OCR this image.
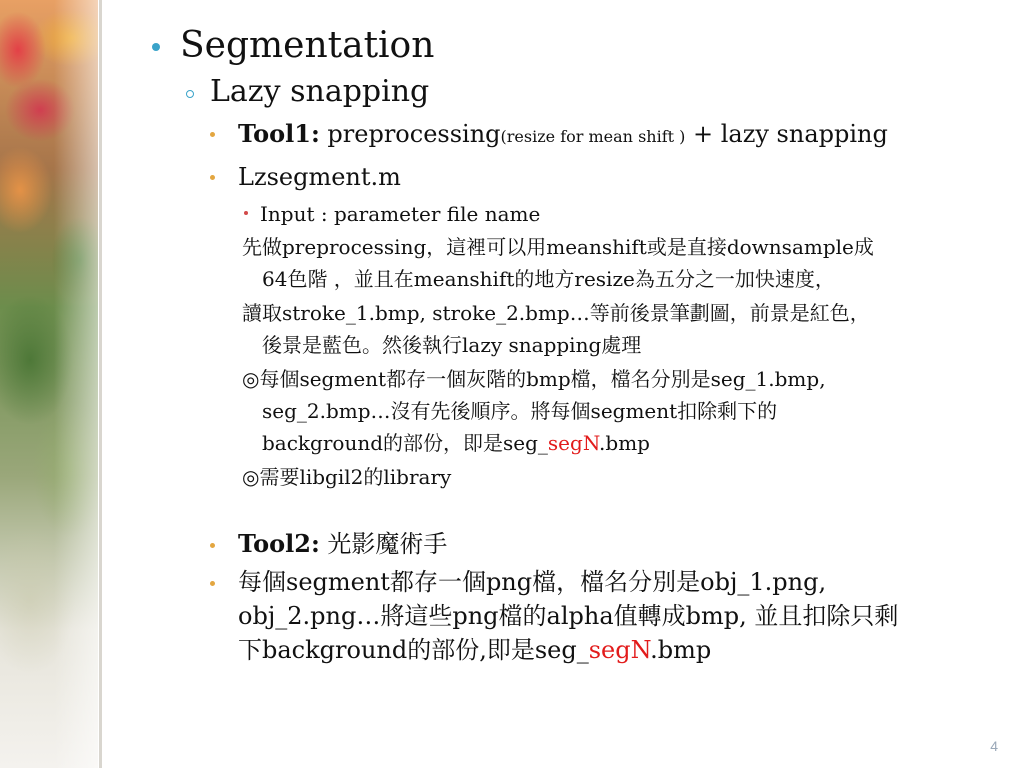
Segmentation
Lazy snapping
Tool1: preprocessing(resize for mean shift ) + lazy snapping
Lzsegment.m
Input : parameter file name
先做preprocessing，這裡可以用meanshift或是直接downsample成
64色階 ，並且在meanshift的地方resize為五分之一加快速度，
讀取stroke_1.bmp, stroke_2.bmp…等前後景筆劃圖，前景是紅色，
後景是藍色。然後執行lazy snapping處理
◎每個segment都存一個灰階的bmp檔，檔名分別是seg_1.bmp,
seg_2.bmp…沒有先後順序。將每個segment扣除剩下的
background的部份，即是seg_segN.bmp
◎需要libgil2的library
Tool2: 光影魔術手
每個segment都存一個png檔，檔名分別是obj_1.png,
obj_2.png…將這些png檔的alpha值轉成bmp, 並且扣除只剩
下background的部份,即是seg_segN.bmp
4
